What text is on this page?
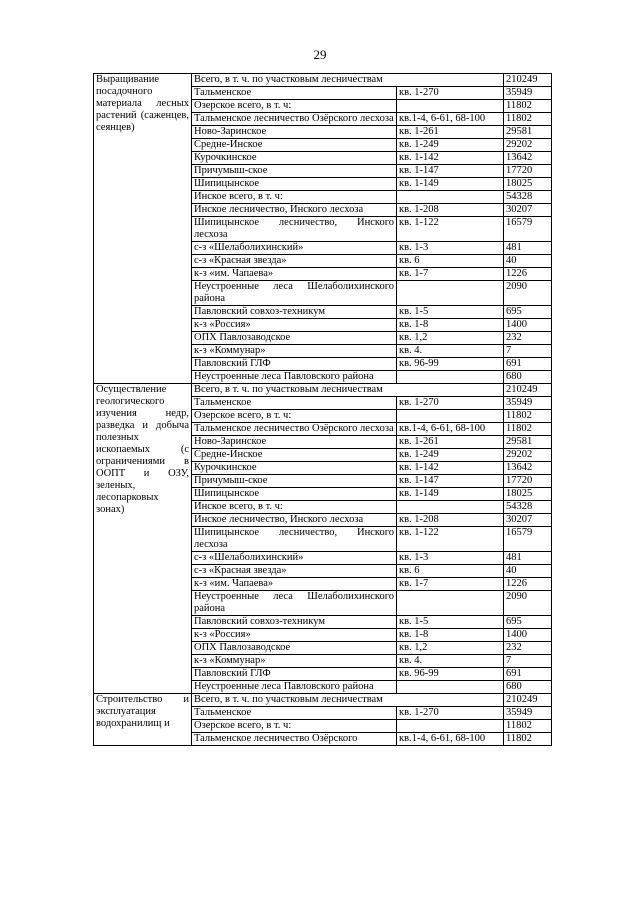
29
Выращивание посадочного материала лесных растений (саженцев, сеянцев)	Всего, в т. ч. по участковым лесничествам		210249
	Тальменское	кв. 1-270	35949
	Озерское всего, в т. ч:		11802
	Тальменское лесничество Озёрского лесхоза	кв.1-4, 6-61, 68-100	11802
	Ново-Заринское	кв. 1-261	29581
	Средне-Инское	кв. 1-249	29202
	Курочкинское	кв. 1-142	13642
	Причумыш-ское	кв. 1-147	17720
	Шипицынское	кв. 1-149	18025
	Инское всего, в т. ч:		54328
	Инское лесничество, Инского лесхоза	кв. 1-208	30207
	Шипицынское лесничество, Инского лесхоза	кв. 1-122	16579
	с-з «Шелаболихинский»	кв. 1-3	481
	с-з «Красная звезда»	кв. 6	40
	к-з «им. Чапаева»	кв. 1-7	1226
	Неустроенные леса Шелаболихинского района		2090
	Павловский совхоз-техникум	кв. 1-5	695
	к-з «Россия»	кв. 1-8	1400
	ОПХ Павлозаводское	кв. 1,2	232
	к-з «Коммунар»	кв. 4.	7
	Павловский ГЛФ	кв. 96-99	691
	Неустроенные леса Павловского района		680
Осуществление геологического изучения недр, разведка и добыча полезных ископаемых (с ограничениями в ООПТ и ОЗУ, зеленых, лесопарковых зонах)	Всего, в т. ч. по участковым лесничествам		210249
	Тальменское	кв. 1-270	35949
	Озерское всего, в т. ч:		11802
	Тальменское лесничество Озёрского лесхоза	кв.1-4, 6-61, 68-100	11802
	Ново-Заринское	кв. 1-261	29581
	Средне-Инское	кв. 1-249	29202
	Курочкинское	кв. 1-142	13642
	Причумыш-ское	кв. 1-147	17720
	Шипицынское	кв. 1-149	18025
	Инское всего, в т. ч:		54328
	Инское лесничество, Инского лесхоза	кв. 1-208	30207
	Шипицынское лесничество, Инского лесхоза	кв. 1-122	16579
	с-з «Шелаболихинский»	кв. 1-3	481
	с-з «Красная звезда»	кв. 6	40
	к-з «им. Чапаева»	кв. 1-7	1226
	Неустроенные леса Шелаболихинского района		2090
	Павловский совхоз-техникум	кв. 1-5	695
	к-з «Россия»	кв. 1-8	1400
	ОПХ Павлозаводское	кв. 1,2	232
	к-з «Коммунар»	кв. 4.	7
	Павловский ГЛФ	кв. 96-99	691
	Неустроенные леса Павловского района		680
Строительство и эксплуатация водохранилищ и	Всего, в т. ч. по участковым лесничествам		210249
	Тальменское	кв. 1-270	35949
	Озерское всего, в т. ч:		11802
	Тальменское лесничество Озёрского	кв.1-4, 6-61, 68-100	11802
